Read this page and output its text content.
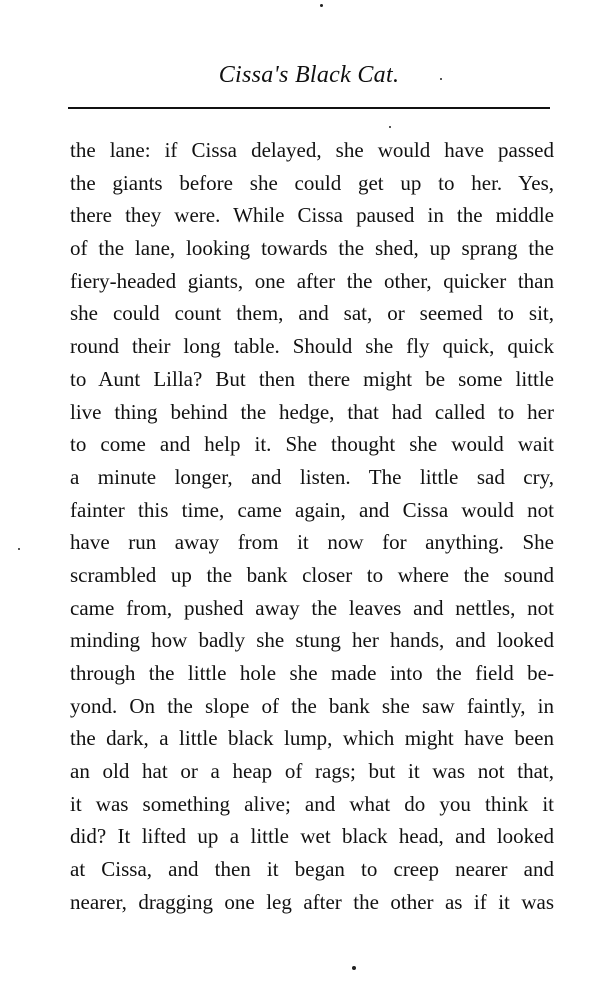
Cissa's Black Cat.
the lane: if Cissa delayed, she would have passed
the giants before she could get up to her. Yes,
there they were. While Cissa paused in the middle
of the lane, looking towards the shed, up sprang the
fiery-headed giants, one after the other, quicker than
she could count them, and sat, or seemed to sit,
round their long table. Should she fly quick, quick
to Aunt Lilla? But then there might be some little
live thing behind the hedge, that had called to her
to come and help it. She thought she would wait
a minute longer, and listen. The little sad cry,
fainter this time, came again, and Cissa would not
have run away from it now for anything. She
scrambled up the bank closer to where the sound
came from, pushed away the leaves and nettles, not
minding how badly she stung her hands, and looked
through the little hole she made into the field be-
yond. On the slope of the bank she saw faintly, in
the dark, a little black lump, which might have been
an old hat or a heap of rags; but it was not that,
it was something alive; and what do you think it
did? It lifted up a little wet black head, and looked
at Cissa, and then it began to creep nearer and
nearer, dragging one leg after the other as if it was
